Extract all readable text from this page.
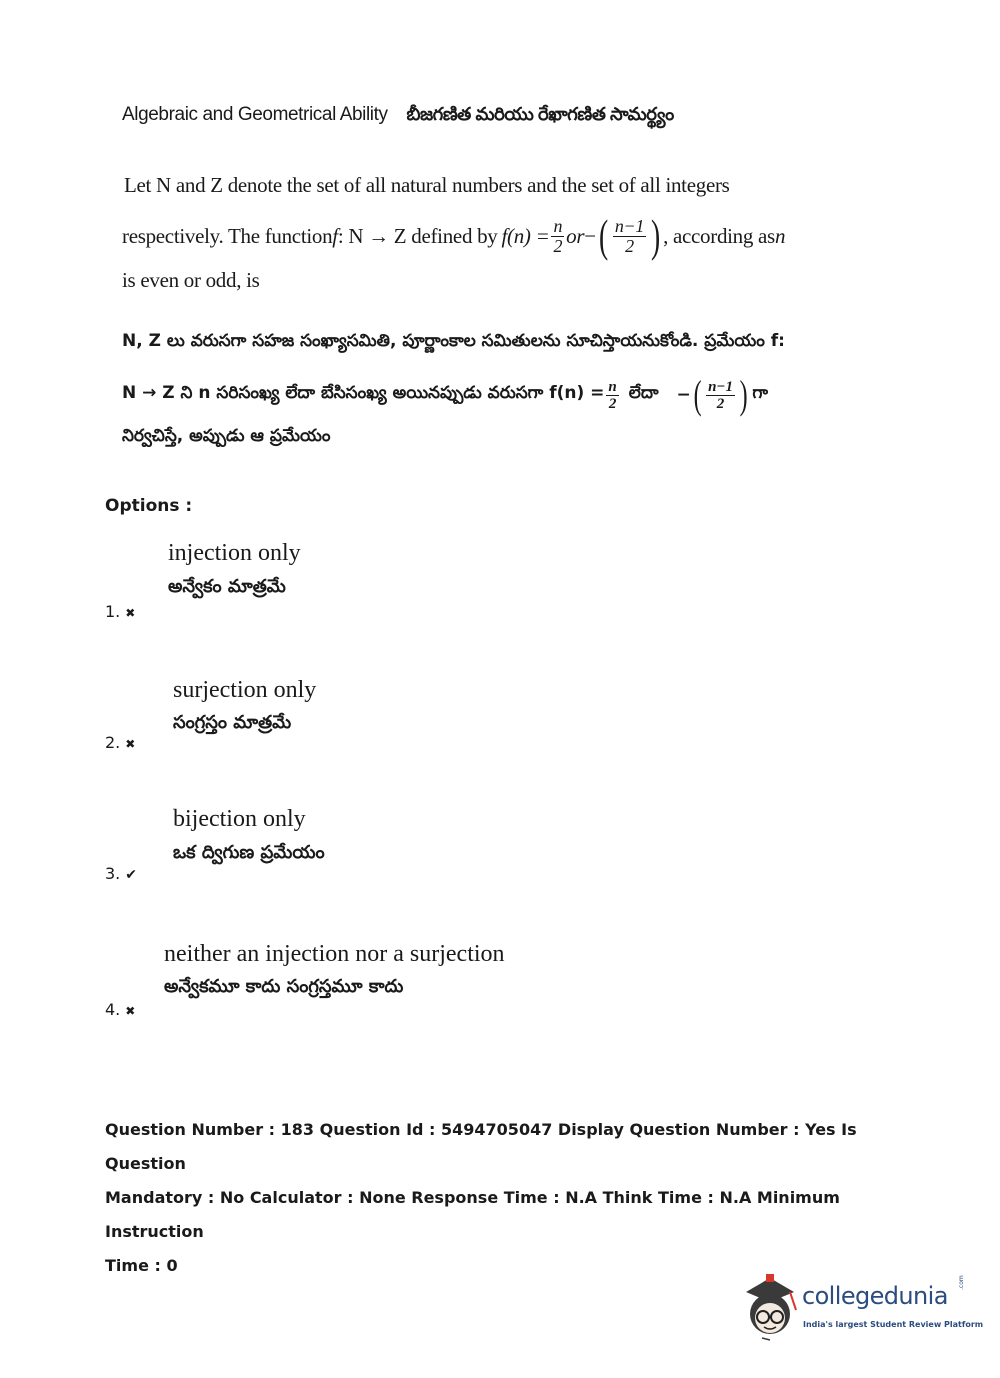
Algebraic and Geometrical Ability బీజగణిత మరియు రేఖాగణిత సామర్థ్యం
Let N and Z denote the set of all natural numbers and the set of all integers
respectively. The function f : N → Z defined by $f(n) = \frac{n}{2}$ or − ( $\frac{n-1}{2}$ ) , according as n
is even or odd, is
N, Z లు వరుసగా సహజ సంఖ్యాసమితి, పూర్ణాంకాల సమితులను సూచిస్తాయనుకోండి. ప్రమేయం f:
N → Z ని n సరిసంఖ్య లేదా బేసిసంఖ్య అయినప్పుడు వరుసగా $f(n) = \frac{n}{2}$ లేదా − ( $\frac{n-1}{2}$ ) గా
నిర్వచిస్తే, అప్పుడు ఆ ప్రమేయం
Options :
injection only
అన్వేకం మాత్రమే
1. ✖
surjection only
సంగ్రస్తం మాత్రమే
2. ✖
bijection only
ఒక ద్విగుణ ప్రమేయం
3. ✔
neither an injection nor a surjection
అన్వేకమూ కాదు సంగ్రస్తమూ కాదు
4. ✖
Question Number : 183 Question Id : 5494705047 Display Question Number : Yes Is Question
Mandatory : No Calculator : None Response Time : N.A Think Time : N.A Minimum Instruction
Time : 0
collegedunia .com
India's largest Student Review Platform
